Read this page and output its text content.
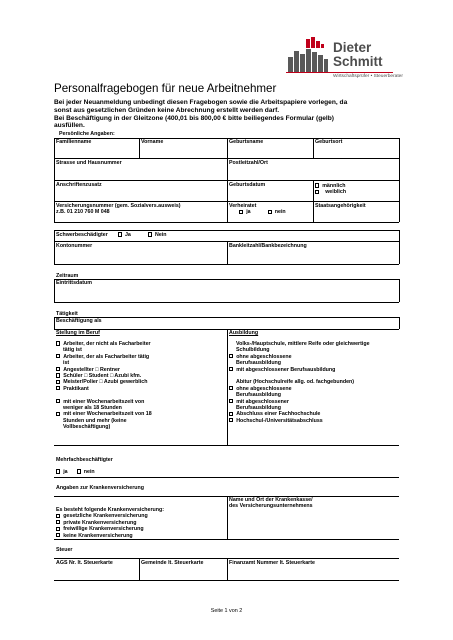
Dieter
Schmitt
Wirtschaftsprüfer • Steuerberater
Personalfragebogen für neue Arbeitnehmer
Bei jeder Neuanmeldung unbedingt diesen Fragebogen sowie die Arbeitspapiere vorlegen, da
sonst aus gesetzlichen Gründen keine Abrechnung erstellt werden darf.
Bei Beschäftigung in der Gleitzone (400,01 bis 800,00 € bitte beiliegendes Formular (gelb)
ausfüllen.
Persönliche Angaben:
Familienname	Vorname	Geburtsname	Geburtsort
Strasse und Hausnummer	Postleitzahl/Ort
Anschriftenzusatz	Geburtsdatum	männlich
weiblich
Versicherungsnummer (gem. Sozialvers.ausweis)
z.B. 01 210 760 M 048
Verheiratet
ja	nein
Staatsangehörigkeit
Schwerbeschädigter	Ja	Nein
Kontonummer	Bankleitzahl/Bankbezeichnung
Zeitraum
Eintrittsdatum
Tätigkeit
Beschäftigung als
Stellung im Beruf	Ausbildung
Arbeiter, der nicht als Facharbeiter
tätig ist
Arbeiter, der als Facharbeiter tätig
ist
Angestellter □ Rentner
Schüler □ Student □ Azubi kfm.
Meister/Polier □ Azubi gewerblich
Praktikant

mit einer Wochenarbeitszeit von
weniger als 18 Stunden
mit einer Wochenarbeitszeit von 18
Stunden und mehr (keine
Vollbeschäftigung)
Volks-/Hauptschule, mittlere Reife oder gleichwertige
Schulbildung
ohne abgeschlossene
Berufsausbildung
mit abgeschlossener Berufsausbildung

Abitur (Hochschulreife allg. od. fachgebunden)
ohne abgeschlossene
Berufsausbildung
mit abgeschlossener
Berufsausbildung
Abschluss einer Fachhochschule
Hochschul-/Universitätsabschluss
Mehrfachbeschäftigter
ja	nein
Angaben zur Krankenversicherung
Name und Ort der Krankenkasse/
des Versicherungsunternehmens
Es besteht folgende Krankenversicherung:
gesetzliche Krankenversicherung
private Krankenversicherung
freiwillige Krankenversicherung
keine Krankenversicherung
Steuer
AGS Nr. lt. Steuerkarte	Gemeinde lt. Steuerkarte	Finanzamt Nummer lt. Steuerkarte
Seite 1 von 2
